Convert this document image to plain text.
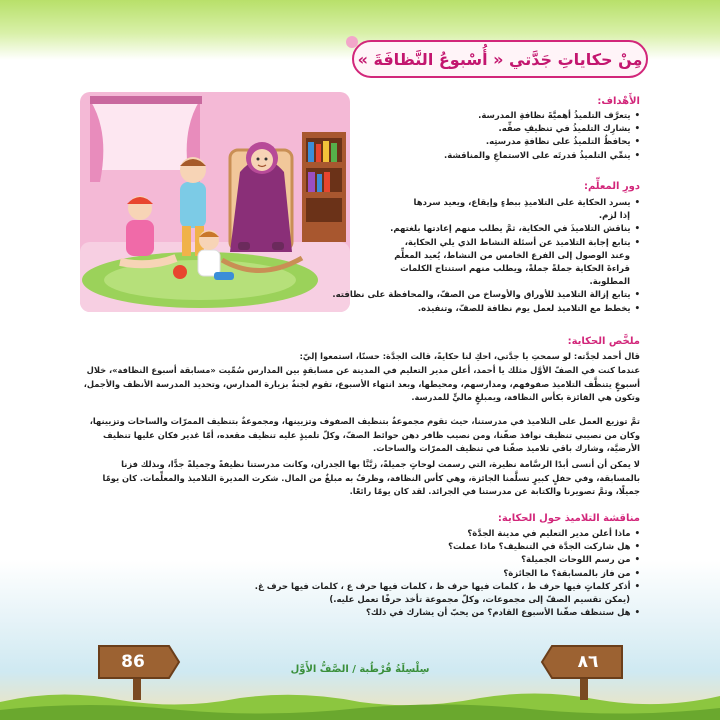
مِنْ حكاياتِ جَدَّتي « أُسْبوعُ النَّظافَةَ »
الأَهْداف:
• يتعرَّف التلميذُ أهميَّةَ نظافةِ المدرسة.
• يشارِك التلميذُ في تنظيفِ صفِّه.
• يحافظُ التلميذُ على نظافةِ مدرستِه.
• ينمِّي التلميذُ قدرتَه على الاستماعِ والمناقشة.
دورِ المعلِّم:
• يسرد الحكاية على التلاميذِ ببطءٍ وإيقاع، ويعيد سردها
إذا لزم.
• يناقش التلاميذَ في الحكاية، ثمَّ يطلب منهم إعادتها بلغتهم.
• يتابع إجابة التلاميذ عن أسئلة النشاط الذي يلي الحكاية،
وعند الوصول إلى الفرع الخامس من النشاط، يُعيد المعلِّم
قراءةَ الحكاية جملةً جملةً، ويطلب منهم استنتاج الكلمات
المطلوبة.
• يتابع إزالة التلاميذ للأوراق والأوساخ من الصفّ، والمحافظة على نظافته.
• يخطط مع التلاميذ لعمل يوم نظافة للصفّ، وتنفيذه.
ملخَّص الحكاية:

قال أحمد لجدَّته: لو سمحتِ يا جدَّتي، احكِ لنا حكايةً، قالت الجدَّة: حسنًا، استمعوا إليّ:

عندما كنت في الصفّ الأوَّل مثلك يا أحمد، أعلن مدير التعليم في المدينة عن مسابقةٍ بين المدارس سُمِّيت «مسابقة أسبوع النظافة»، خلال أسبوعٍ يتنظَّف التلاميذ صفوفهم، ومدارسهم، ومحيطها، وبعد انتهاء الأسبوع، تقوم لجنةٌ بزيارة المدارس، وتحديد المدرسة الأنظف والأجمل، وتكون هي الفائزة بكأس النظافة، ويمبلغٍ ماليٍّ للمدرسة.

تمَّ توزيع العمل على التلاميذ في مدرستنا، حيث تقوم مجموعةٌ بتنظيف الصفوف وتزيينها، ومجموعةٌ بتنظيف الممرّات والساحات وتزيينها، وكان من نصيبي تنظيف نوافذ صفّنا، ومن نصيب ظافر دهن حوائط الصفّ، وكلّ تلميذٍ عليه تنظيف مقعده، أمّا غدير فكان عليها تنظيف الأرضيَّة، وشارك باقي تلاميذ صفّنا في تنظيف الممرّات والساحات.

لا يمكن أن أنسى أبدًا الرسَّامة نظيرة، التي رسمت لوحاتٍ جميلةً، زيَّنَّا بها الجدران، وكانت مدرستنا نظيفةً وجميلةً جدًّا، وبذلك فزنا بالمسابقة، وفي حفلٍ كبيرٍ تسلَّمنا الجائزة، وهي كأس النظافة، وظرفٌ به مبلغٌ من المال. شكرت المديرة التلاميذ والمعلِّمات. كان يومًا جميلًا، وتمَّ تصويرنا والكتابة عن مدرستنا في الجرائد. لقد كان يومًا رائعًا.

مناقشة التلاميذ حول الحكاية:
• ماذا أعلن مدير التعليم في مدينة الجدَّة؟
• هل شاركت الجدَّة في التنظيف؟ ماذا عملت؟
• من رسم اللوحات الجميلة؟
• من فاز بالمسابقة؟ ما الجائزة؟
• أذكر كلماتٍ فيها حرف ط ، كلمات فيها حرف ظ ، كلمات فيها حرف ع ، كلمات فيها حرف غ.
(يمكن تقسيم الصفّ إلى مجموعات، وكلّ مجموعة تأخذ حرفًا تعمل عليه.)
• هل ستنظف صفّنا الأسبوع القادم؟ من يحبّ أن يشارك في ذلك؟
86	٨٦
سِلْسِلَةُ قُرْطُبة / الصَّفُّ الأَوَّل
